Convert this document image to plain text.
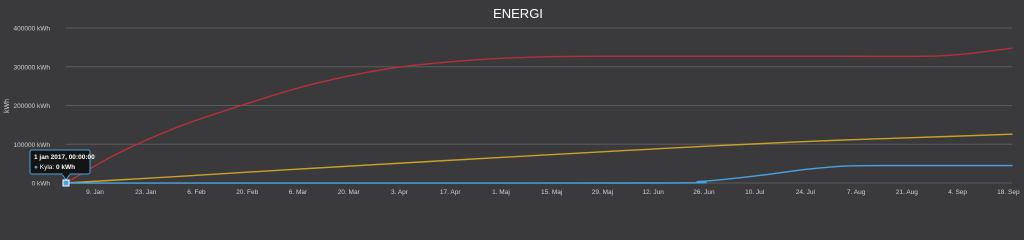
ENERGI
kWh
0 kWh
100000 kWh
200000 kWh
300000 kWh
400000 kWh
9. Jan	23. Jan	6. Feb	20. Feb	6. Mar	20. Mar	3. Apr	17. Apr	1. Maj	15. Maj	29. Maj	12. Jun	26. Jun	10. Jul	24. Jul	7. Aug	21. Aug	4. Sep	18. Sep
1 jan 2017, 00:00:00
● Kyla: 0 kWh
